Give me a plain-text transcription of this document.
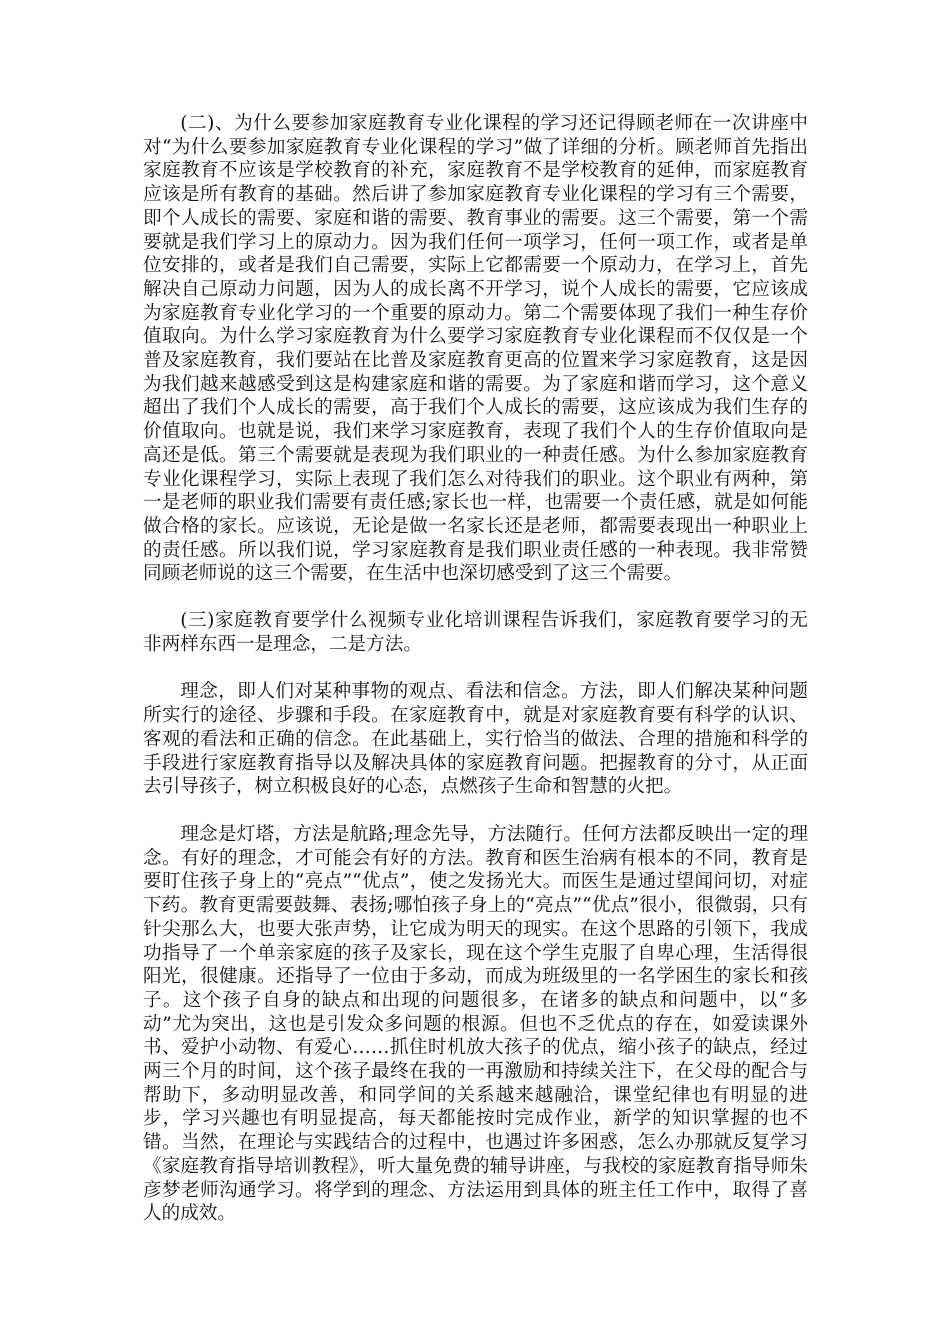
(二)、为什么要参加家庭教育专业化课程的学习还记得顾老师在一次讲座中对“为什么要参加家庭教育专业化课程的学习”做了详细的分析。顾老师首先指出家庭教育不应该是学校教育的补充，家庭教育不是学校教育的延伸，而家庭教育应该是所有教育的基础。然后讲了参加家庭教育专业化课程的学习有三个需要，即个人成长的需要、家庭和谐的需要、教育事业的需要。这三个需要，第一个需要就是我们学习上的原动力。因为我们任何一项学习，任何一项工作，或者是单位安排的，或者是我们自己需要，实际上它都需要一个原动力，在学习上，首先解决自己原动力问题，因为人的成长离不开学习，说个人成长的需要，它应该成为家庭教育专业化学习的一个重要的原动力。第二个需要体现了我们一种生存价值取向。为什么学习家庭教育为什么要学习家庭教育专业化课程而不仅仅是一个普及家庭教育，我们要站在比普及家庭教育更高的位置来学习家庭教育，这是因为我们越来越感受到这是构建家庭和谐的需要。为了家庭和谐而学习，这个意义超出了我们个人成长的需要，高于我们个人成长的需要，这应该成为我们生存的价值取向。也就是说，我们来学习家庭教育，表现了我们个人的生存价值取向是高还是低。第三个需要就是表现为我们职业的一种责任感。为什么参加家庭教育专业化课程学习，实际上表现了我们怎么对待我们的职业。这个职业有两种，第一是老师的职业我们需要有责任感;家长也一样，也需要一个责任感，就是如何能做合格的家长。应该说，无论是做一名家长还是老师，都需要表现出一种职业上的责任感。所以我们说，学习家庭教育是我们职业责任感的一种表现。我非常赞同顾老师说的这三个需要，在生活中也深切感受到了这三个需要。

(三)家庭教育要学什么视频专业化培训课程告诉我们，家庭教育要学习的无非两样东西一是理念，二是方法。

理念，即人们对某种事物的观点、看法和信念。方法，即人们解决某种问题所实行的途径、步骤和手段。在家庭教育中，就是对家庭教育要有科学的认识、客观的看法和正确的信念。在此基础上，实行恰当的做法、合理的措施和科学的手段进行家庭教育指导以及解决具体的家庭教育问题。把握教育的分寸，从正面去引导孩子，树立积极良好的心态，点燃孩子生命和智慧的火把。

理念是灯塔，方法是航路;理念先导，方法随行。任何方法都反映出一定的理念。有好的理念，才可能会有好的方法。教育和医生治病有根本的不同，教育是要盯住孩子身上的“亮点”“优点”，使之发扬光大。而医生是通过望闻问切，对症下药。教育更需要鼓舞、表扬;哪怕孩子身上的“亮点”“优点”很小，很微弱，只有针尖那么大，也要大张声势，让它成为明天的现实。在这个思路的引领下，我成功指导了一个单亲家庭的孩子及家长，现在这个学生克服了自卑心理，生活得很阳光，很健康。还指导了一位由于多动，而成为班级里的一名学困生的家长和孩子。这个孩子自身的缺点和出现的问题很多，在诸多的缺点和问题中，以“多动”尤为突出，这也是引发众多问题的根源。但也不乏优点的存在，如爱读课外书、爱护小动物、有爱心……抓住时机放大孩子的优点，缩小孩子的缺点，经过两三个月的时间，这个孩子最终在我的一再激励和持续关注下，在父母的配合与帮助下，多动明显改善，和同学间的关系越来越融洽，课堂纪律也有明显的进步，学习兴趣也有明显提高，每天都能按时完成作业，新学的知识掌握的也不错。当然，在理论与实践结合的过程中，也遇过许多困惑，怎么办那就反复学习《家庭教育指导培训教程》，听大量免费的辅导讲座，与我校的家庭教育指导师朱彦梦老师沟通学习。将学到的理念、方法运用到具体的班主任工作中，取得了喜人的成效。
